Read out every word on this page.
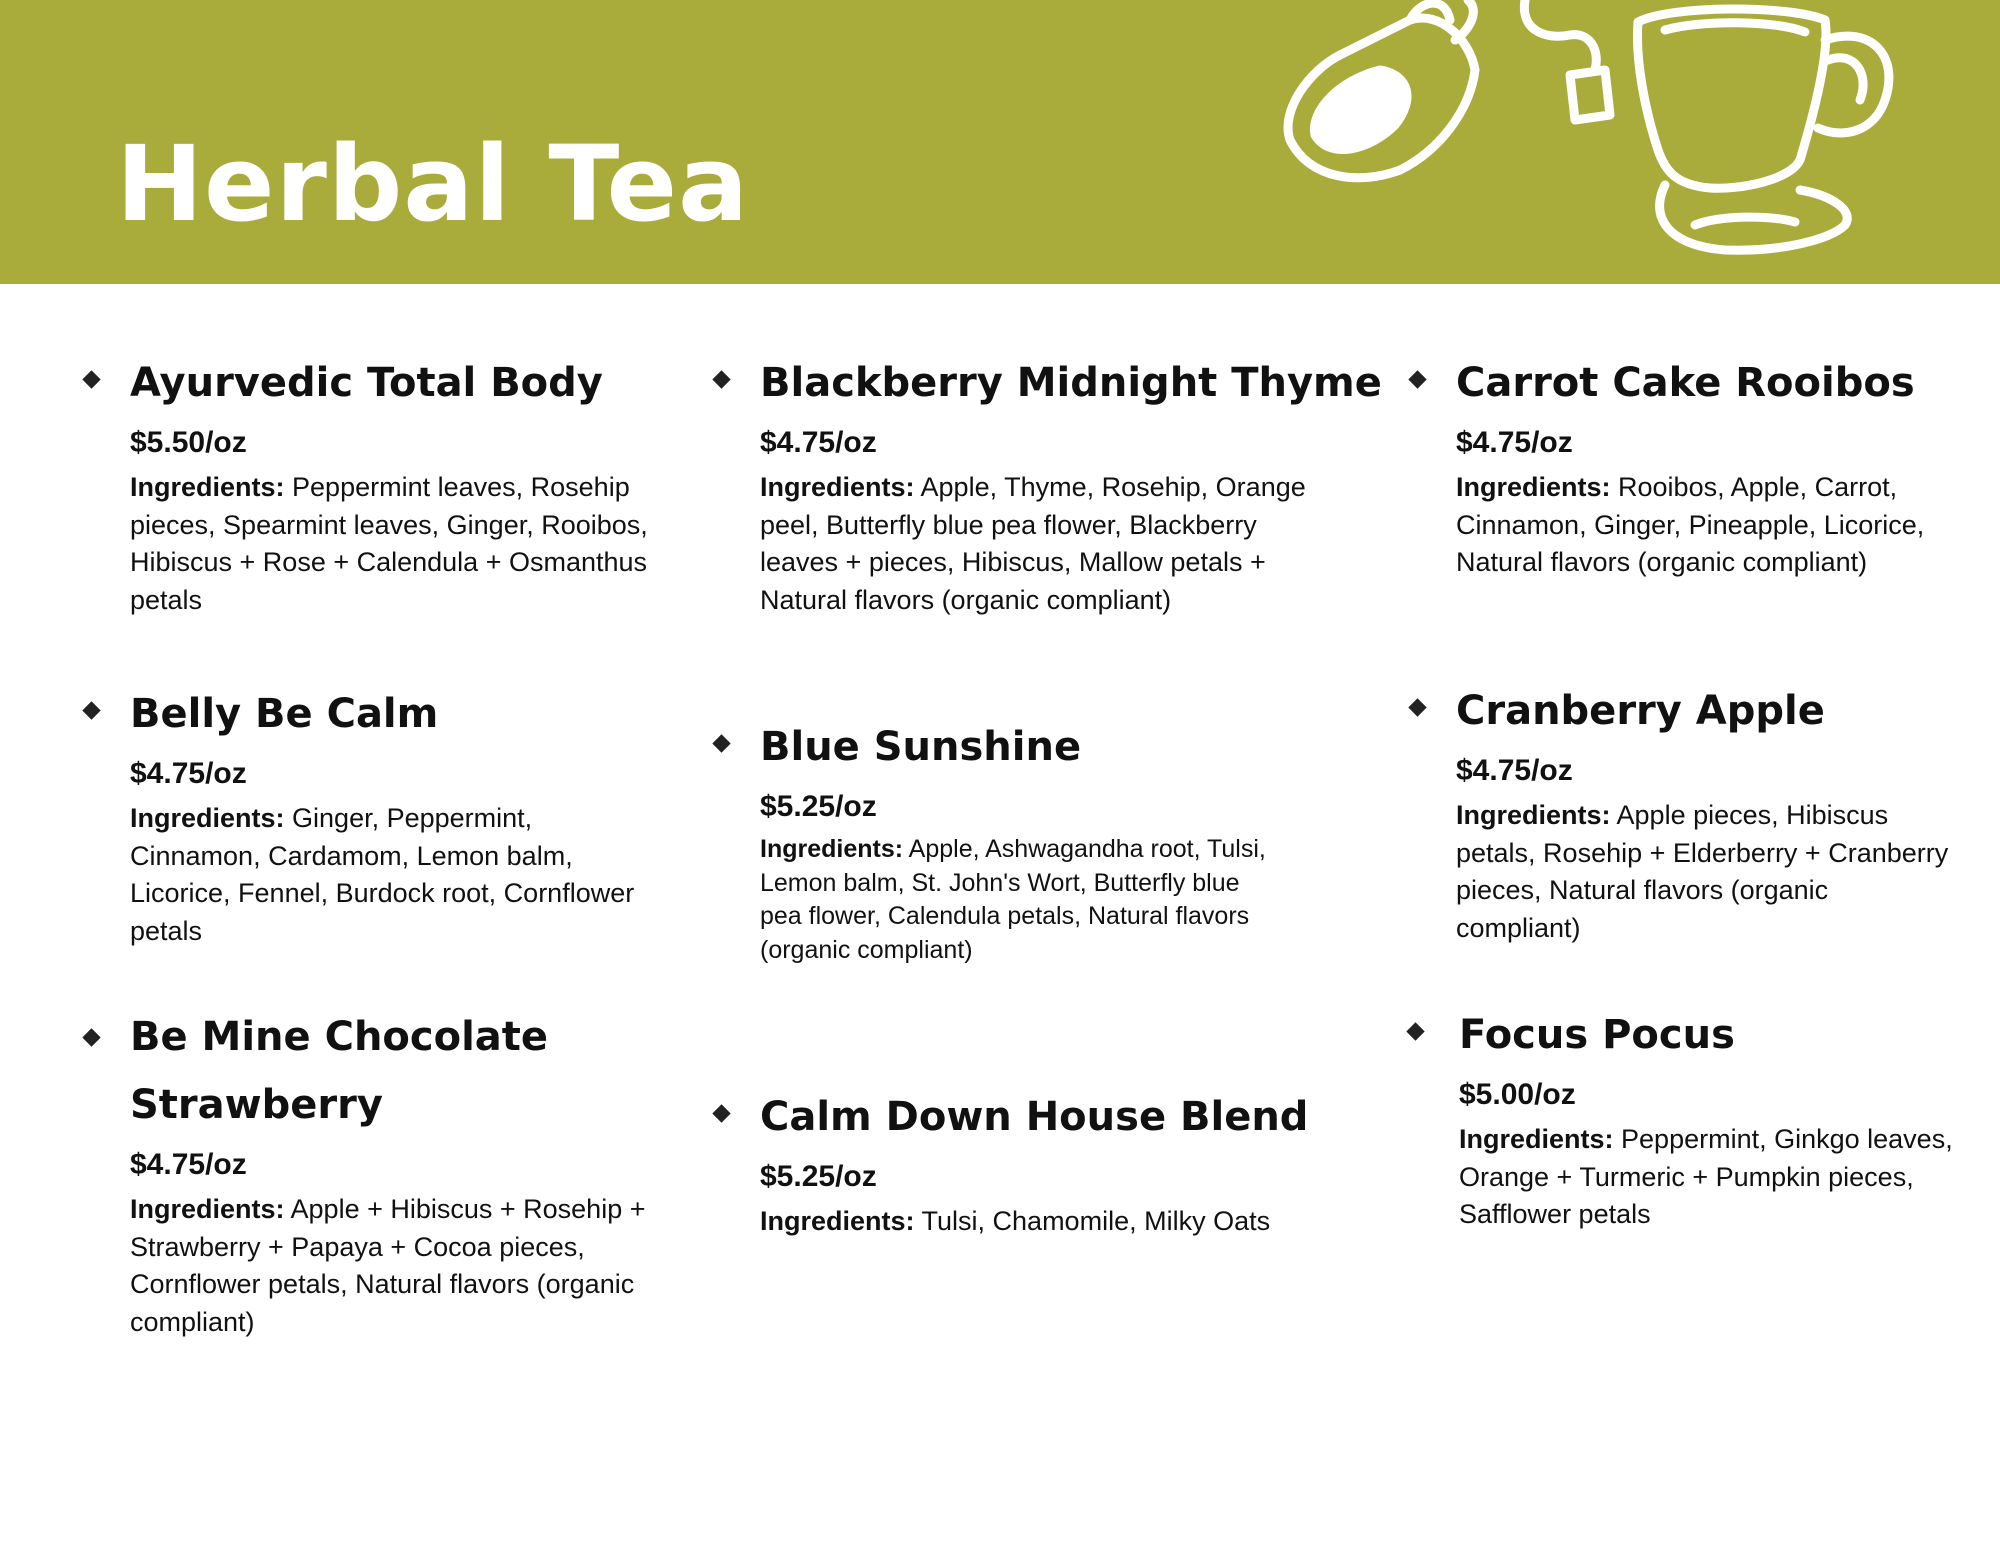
Herbal Tea
Ayurvedic Total Body
$5.50/oz
Ingredients: Peppermint leaves, Rosehip pieces, Spearmint leaves, Ginger, Rooibos, Hibiscus + Rose + Calendula + Osmanthus petals
Belly Be Calm
$4.75/oz
Ingredients: Ginger, Peppermint, Cinnamon, Cardamom, Lemon balm, Licorice, Fennel, Burdock root, Cornflower petals
Be Mine Chocolate Strawberry
$4.75/oz
Ingredients: Apple + Hibiscus + Rosehip + Strawberry + Papaya + Cocoa pieces, Cornflower petals, Natural flavors (organic compliant)
Blackberry Midnight Thyme
$4.75/oz
Ingredients: Apple, Thyme, Rosehip, Orange peel, Butterfly blue pea flower, Blackberry leaves + pieces, Hibiscus, Mallow petals + Natural flavors (organic compliant)
Blue Sunshine
$5.25/oz
Ingredients: Apple, Ashwagandha root, Tulsi, Lemon balm, St. John's Wort, Butterfly blue pea flower, Calendula petals, Natural flavors (organic compliant)
Calm Down House Blend
$5.25/oz
Ingredients: Tulsi, Chamomile, Milky Oats
Carrot Cake Rooibos
$4.75/oz
Ingredients: Rooibos, Apple, Carrot, Cinnamon, Ginger, Pineapple, Licorice, Natural flavors (organic compliant)
Cranberry Apple
$4.75/oz
Ingredients: Apple pieces, Hibiscus petals, Rosehip + Elderberry + Cranberry pieces, Natural flavors (organic compliant)
Focus Pocus
$5.00/oz
Ingredients: Peppermint, Ginkgo leaves, Orange + Turmeric + Pumpkin pieces, Safflower petals
